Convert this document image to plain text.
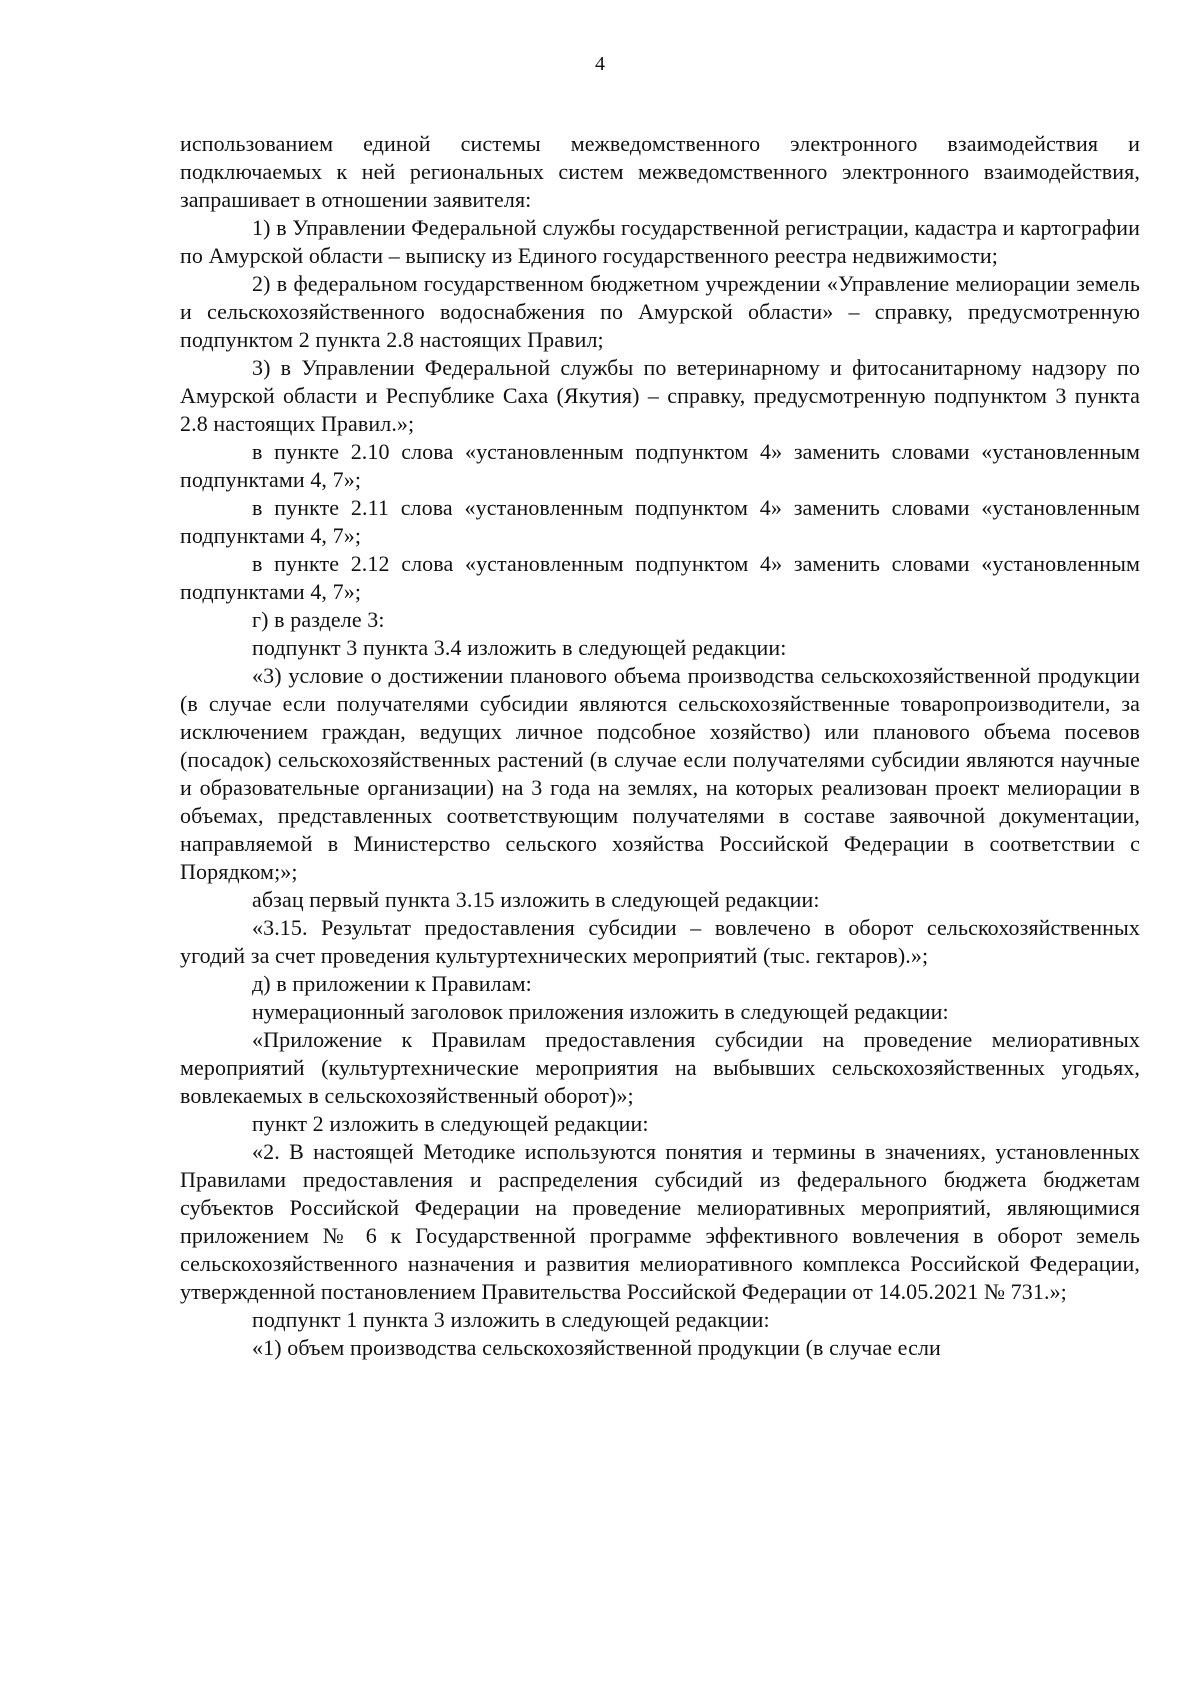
4

использованием единой системы межведомственного электронного взаимодействия и подключаемых к ней региональных систем межведомственного электронного взаимодействия, запрашивает в отношении заявителя:

1) в Управлении Федеральной службы государственной регистрации, кадастра и картографии по Амурской области – выписку из Единого государственного реестра недвижимости;

2) в федеральном государственном бюджетном учреждении «Управление мелиорации земель и сельскохозяйственного водоснабжения по Амурской области» – справку, предусмотренную подпунктом 2 пункта 2.8 настоящих Правил;

3) в Управлении Федеральной службы по ветеринарному и фитосанитарному надзору по Амурской области и Республике Саха (Якутия) – справку, предусмотренную подпунктом 3 пункта 2.8 настоящих Правил.»;

в пункте 2.10 слова «установленным подпунктом 4» заменить словами «установленным подпунктами 4, 7»;

в пункте 2.11 слова «установленным подпунктом 4» заменить словами «установленным подпунктами 4, 7»;

в пункте 2.12 слова «установленным подпунктом 4» заменить словами «установленным подпунктами 4, 7»;

г) в разделе 3:

подпункт 3 пункта 3.4 изложить в следующей редакции:

«3) условие о достижении планового объема производства сельскохозяйственной продукции (в случае если получателями субсидии являются сельскохозяйственные товаропроизводители, за исключением граждан, ведущих личное подсобное хозяйство) или планового объема посевов (посадок) сельскохозяйственных растений (в случае если получателями субсидии являются научные и образовательные организации) на 3 года на землях, на которых реализован проект мелиорации в объемах, представленных соответствующим получателями в составе заявочной документации, направляемой в Министерство сельского хозяйства Российской Федерации в соответствии с Порядком;»;

абзац первый пункта 3.15 изложить в следующей редакции:

«3.15. Результат предоставления субсидии – вовлечено в оборот сельскохозяйственных угодий за счет проведения культуртехнических мероприятий (тыс. гектаров).»;

д) в приложении к Правилам:

нумерационный заголовок приложения изложить в следующей редакции:

«Приложение к Правилам предоставления субсидии на проведение мелиоративных мероприятий (культуртехнические мероприятия на выбывших сельскохозяйственных угодьях, вовлекаемых в сельскохозяйственный оборот)»;

пункт 2 изложить в следующей редакции:

«2. В настоящей Методике используются понятия и термины в значениях, установленных Правилами предоставления и распределения субсидий из федерального бюджета бюджетам субъектов Российской Федерации на проведение мелиоративных мероприятий, являющимися приложением № 6 к Государственной программе эффективного вовлечения в оборот земель сельскохозяйственного назначения и развития мелиоративного комплекса Российской Федерации, утвержденной постановлением Правительства Российской Федерации от 14.05.2021 № 731.»;

подпункт 1 пункта 3 изложить в следующей редакции:

«1) объем производства сельскохозяйственной продукции (в случае если
